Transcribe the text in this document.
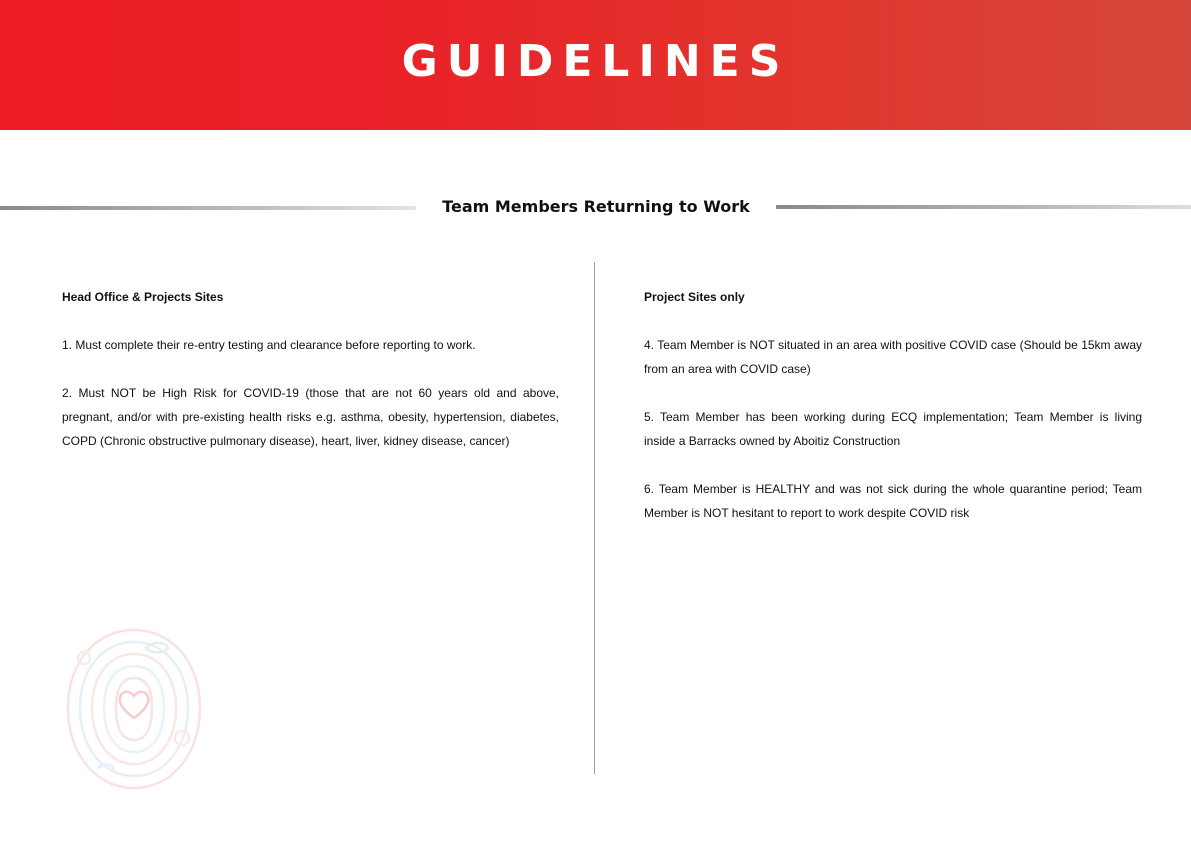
GUIDELINES
Team Members Returning to Work
Head Office & Projects Sites
1. Must complete their re-entry testing and clearance before reporting to work.
2. Must NOT be High Risk for COVID-19 (those that are not 60 years old and above, pregnant, and/or with pre-existing health risks e.g. asthma, obesity, hypertension, diabetes, COPD (Chronic obstructive pulmonary disease), heart, liver, kidney disease, cancer)
Project Sites only
4. Team Member is NOT situated in an area with positive COVID case (Should be 15km away from an area with COVID case)
5. Team Member has been working during ECQ implementation; Team Member is living inside a Barracks owned by Aboitiz Construction
6. Team Member is HEALTHY and was not sick during the whole quarantine period; Team Member is NOT hesitant to report to work despite COVID risk
